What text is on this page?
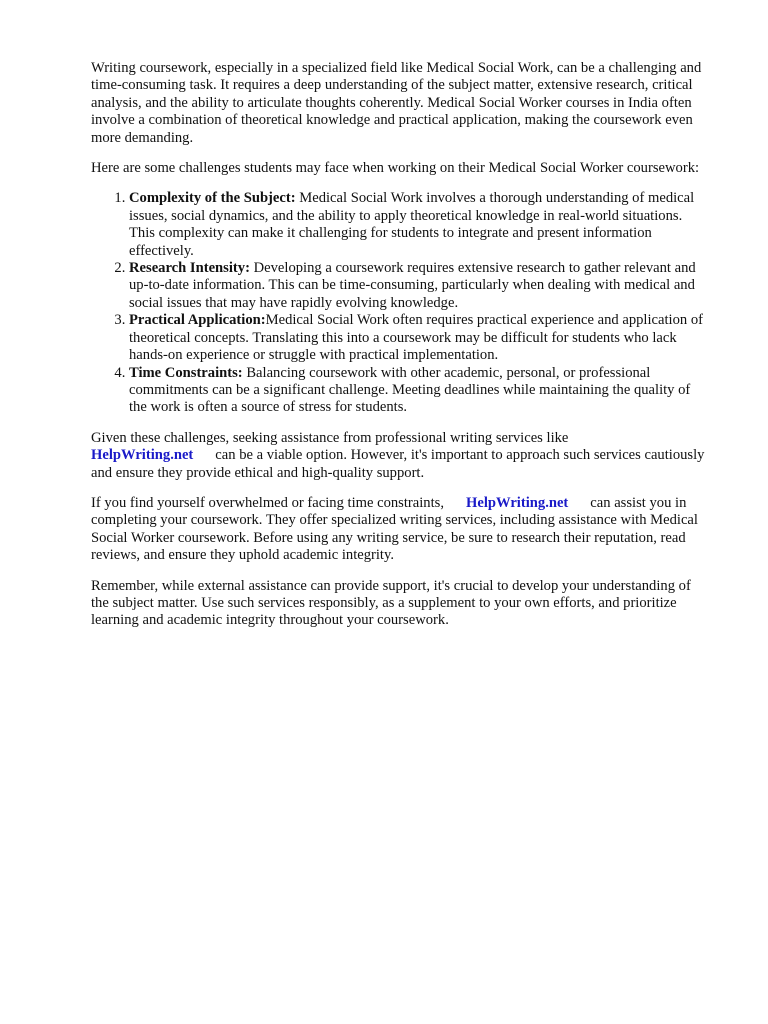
Writing coursework, especially in a specialized field like Medical Social Work, can be a challenging and time-consuming task. It requires a deep understanding of the subject matter, extensive research, critical analysis, and the ability to articulate thoughts coherently. Medical Social Worker courses in India often involve a combination of theoretical knowledge and practical application, making the coursework even more demanding.

Here are some challenges students may face when working on their Medical Social Worker coursework:

1. Complexity of the Subject: Medical Social Work involves a thorough understanding of medical issues, social dynamics, and the ability to apply theoretical knowledge in real-world situations. This complexity can make it challenging for students to integrate and present information effectively.
2. Research Intensity: Developing a coursework requires extensive research to gather relevant and up-to-date information. This can be time-consuming, particularly when dealing with medical and social issues that may have rapidly evolving knowledge.
3. Practical Application:Medical Social Work often requires practical experience and application of theoretical concepts. Translating this into a coursework may be difficult for students who lack hands-on experience or struggle with practical implementation.
4. Time Constraints: Balancing coursework with other academic, personal, or professional commitments can be a significant challenge. Meeting deadlines while maintaining the quality of the work is often a source of stress for students.

Given these challenges, seeking assistance from professional writing services like
HelpWriting.net can be a viable option. However, it's important to approach such services cautiously and ensure they provide ethical and high-quality support.

If you find yourself overwhelmed or facing time constraints, HelpWriting.net can assist you in completing your coursework. They offer specialized writing services, including assistance with Medical Social Worker coursework. Before using any writing service, be sure to research their reputation, read reviews, and ensure they uphold academic integrity.

Remember, while external assistance can provide support, it's crucial to develop your understanding of the subject matter. Use such services responsibly, as a supplement to your own efforts, and prioritize learning and academic integrity throughout your coursework.
